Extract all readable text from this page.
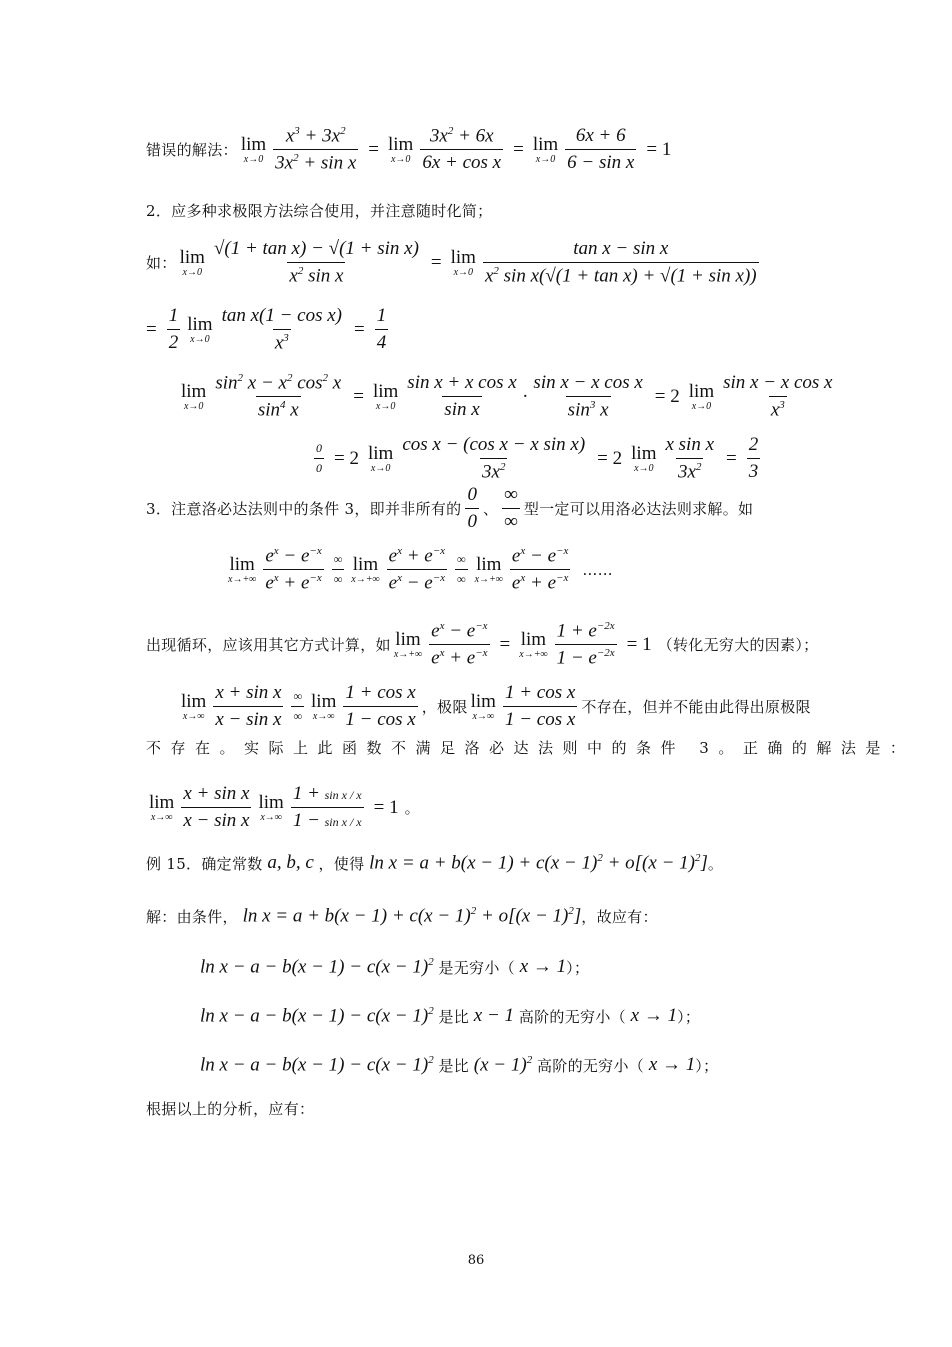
错误的解法： lim
$x\to 0 \frac{x^3 + 3x^2}{3x^2 + \sin x} = \lim$
$x\to 0 \frac{3x^2 + 6x}{\text{6x + cos x}} = \lim$
$x\to 0 \frac{6x + 6}{\text{6 − sin x}} = 1$
2．应多种求极限方法综合使用，并注意随时化简；
如： lim
$x\to 0 \frac{\text{√(1 + tan x) − √(1 + sin x)}}{x^2 \sin x} = \lim$
$x\to 0 \frac{\text{tan x − sin x}}{x^2 \sin x(√(1 + \tan x) + √(1 + \sin x))}$
= $\frac{1}{2}$ lim
$x\to 0 \frac{\text{tan x(1 − cos x)}}{x^3} = \frac{1}{4}$
lim
$x\to 0 \frac{\sin^2 x - x^2 \cos^2 x}{\sin^4 x} = \lim$
$x\to 0 \frac{\text{sin x + x cos x}}{\text{sin x}} \cdot \frac{\text{sin x − x cos x}}{\sin^3 x} = 2$ lim
$x\to 0 \frac{\text{sin x − x cos x}}{x^3}$
$\frac{0}{0} = 2$ lim
$x\to 0 \frac{\text{cos x − (cos x − x sin x)}}{3x^2} = 2$ lim
$x\to 0 \frac{\text{x sin x}}{3x^2} = \frac{2}{3}$
3．注意洛必达法则中的条件 3，即并非所有的 $\frac{0}{0}$ 、 $\frac{\infty}{\infty}$ 型一定可以用洛必达法则求解。如
lim
$x\to+\infty \frac{e^x - e^{-x}}{e^x + e^{-x}} \frac{\infty}{\infty}$ lim
$x\to+\infty \frac{e^x + e^{-x}}{e^x - e^{-x}} \frac{\infty}{\infty}$ lim
$x\to+\infty \frac{e^x - e^{-x}}{e^x + e^{-x}}$ ……
出现循环，应该用其它方式计算，如 lim
$x\to+\infty \frac{e^x - e^{-x}}{e^x + e^{-x}} = \lim$
$x\to+\infty \frac{1 + e^{-2x}}{1 - e^{-2x}} = 1$ （转化无穷大的因素）；
lim
$x\to\infty \frac{\text{x + sin x}}{\text{x − sin x}} \frac{\infty}{\infty}$ lim
$x\to\infty \frac{\text{1 + cos x}}{\text{1 − cos x}}$ ，极限 lim
$x\to\infty \frac{\text{1 + cos x}}{\text{1 − cos x}}$ 不存在，但并不能由此得出原极限
不存在。实际上此函数不满足洛必达法则中的条件 3。正确的解法是：
lim
$x\to\infty \frac{\text{x + sin x}}{\text{x − sin x}}$ lim
$x\to\infty \frac{\text{1 + sin x / x}}{\text{1 − sin x / x}} = 1$ 。
例 15．确定常数 a, b, c ，使得 $\ln x = a + b(x - 1) + c(x - 1)^2 + o[(x - 1)^2]$ 。
解：由条件， $\ln x = a + b(x - 1) + c(x - 1)^2 + o[(x - 1)^2]$ ，故应有：
$\ln x - a - b(x - 1) - c(x - 1)^2$ 是无穷小（ x → 1 ）；
$\ln x - a - b(x - 1) - c(x - 1)^2$ 是比 x − 1 高阶的无穷小（ x → 1 ）；
$\ln x - a - b(x - 1) - c(x - 1)^2$ 是比 $(x - 1)^2$ 高阶的无穷小（ x → 1 ）；
根据以上的分析，应有：
86
